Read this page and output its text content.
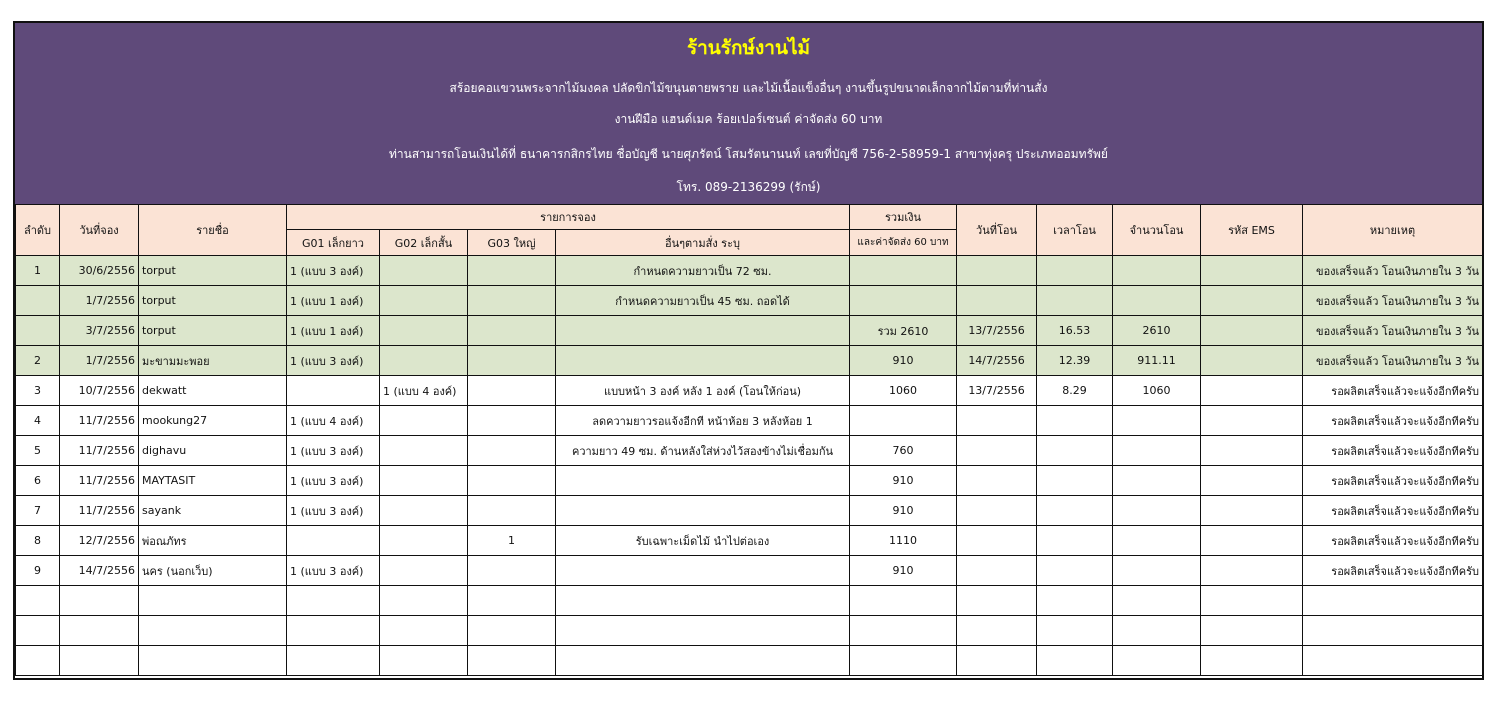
ร้านรักษ์งานไม้
สร้อยคอแขวนพระจากไม้มงคล ปลัดขิกไม้ขนุนตายพราย และไม้เนื้อแข็งอื่นๆ งานขึ้นรูปขนาดเล็กจากไม้ตามที่ท่านสั่ง
งานฝีมือ แฮนด์เมค ร้อยเปอร์เซนต์ ค่าจัดส่ง 60 บาท
ท่านสามารถโอนเงินได้ที่ ธนาคารกสิกรไทย ชื่อบัญชี นายศุภรัตน์ โสมรัตนานนท์ เลขที่บัญชี 756-2-58959-1 สาขาทุ่งครุ ประเภทออมทรัพย์
โทร. 089-2136299 (รักษ์)
ลำดับ	วันที่จอง	รายชื่อ	รายการจอง				รวมเงิน	วันที่โอน	เวลาโอน	จำนวนโอน	รหัส EMS	หมายเหตุ
			G01 เล็กยาว	G02 เล็กสั้น	G03 ใหญ่	อื่นๆตามสั่ง ระบุ	และค่าจัดส่ง 60 บาท					
1	30/6/2556	torput	1 (แบบ 3 องค์)			กำหนดความยาวเป็น 72 ซม.						ของเสร็จแล้ว โอนเงินภายใน 3 วัน
	1/7/2556	torput	1 (แบบ 1 องค์)			กำหนดความยาวเป็น 45 ซม. ถอดได้						ของเสร็จแล้ว โอนเงินภายใน 3 วัน
	3/7/2556	torput	1 (แบบ 1 องค์)				รวม 2610	13/7/2556	16.53	2610		ของเสร็จแล้ว โอนเงินภายใน 3 วัน
2	1/7/2556	มะขามมะพอย	1 (แบบ 3 องค์)				910	14/7/2556	12.39	911.11		ของเสร็จแล้ว โอนเงินภายใน 3 วัน
3	10/7/2556	dekwatt		1 (แบบ 4 องค์)		แบบหน้า 3 องค์ หลัง 1 องค์ (โอนให้ก่อน)	1060	13/7/2556	8.29	1060		รอผลิตเสร็จแล้วจะแจ้งอีกทีครับ
4	11/7/2556	mookung27	1 (แบบ 4 องค์)			ลดความยาวรอแจ้งอีกที หน้าห้อย 3 หลังห้อย 1						รอผลิตเสร็จแล้วจะแจ้งอีกทีครับ
5	11/7/2556	dighavu	1 (แบบ 3 องค์)			ความยาว 49 ซม. ด้านหลังใส่ห่วงไว้สองข้างไม่เชื่อมกัน	760					รอผลิตเสร็จแล้วจะแจ้งอีกทีครับ
6	11/7/2556	MAYTASIT	1 (แบบ 3 องค์)				910					รอผลิตเสร็จแล้วจะแจ้งอีกทีครับ
7	11/7/2556	sayank	1 (แบบ 3 องค์)				910					รอผลิตเสร็จแล้วจะแจ้งอีกทีครับ
8	12/7/2556	พ่อณภัทร			1	รับเฉพาะเม็ดไม้ นำไปต่อเอง	1110					รอผลิตเสร็จแล้วจะแจ้งอีกทีครับ
9	14/7/2556	นคร (นอกเว็บ)	1 (แบบ 3 องค์)				910					รอผลิตเสร็จแล้วจะแจ้งอีกทีครับ
